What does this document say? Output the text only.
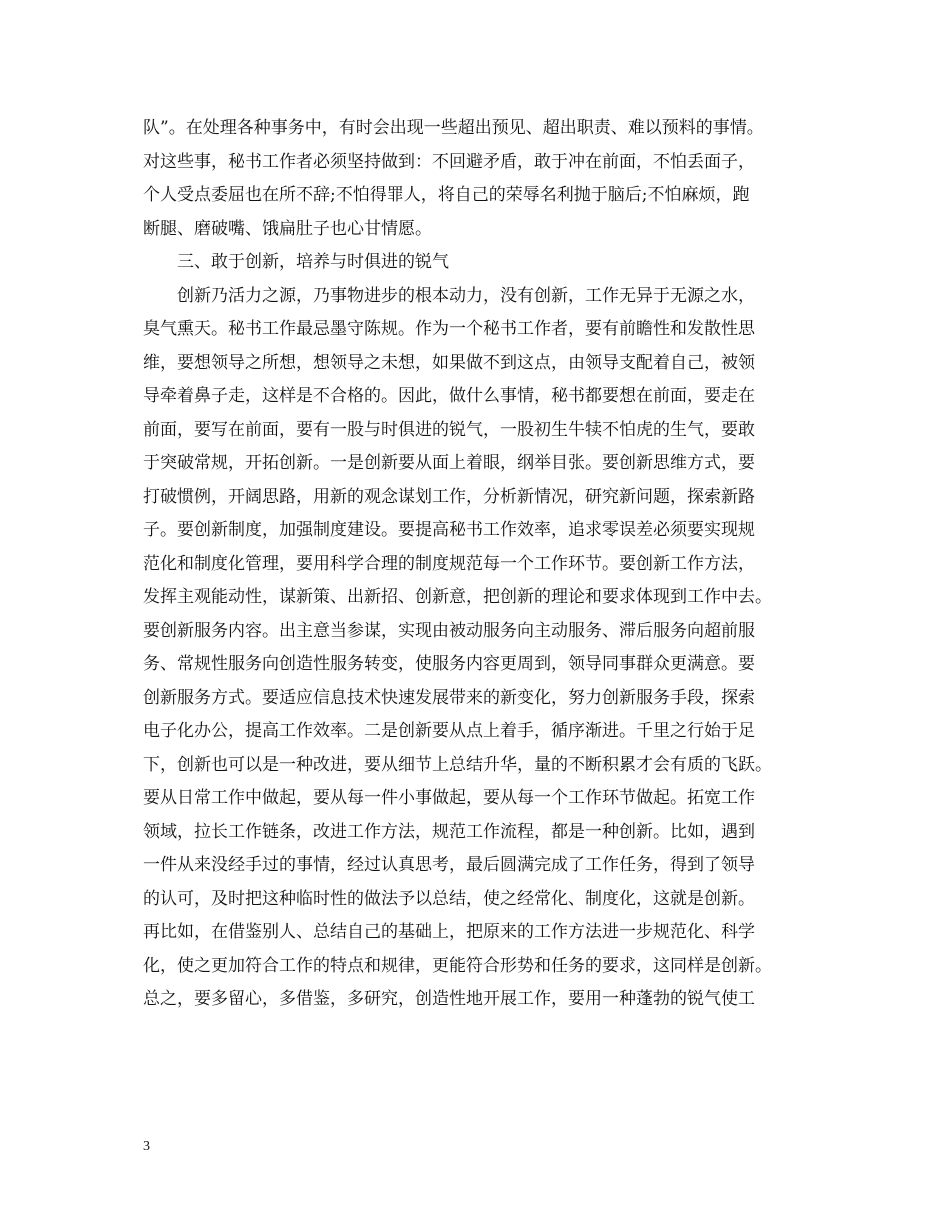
队”。在处理各种事务中，有时会出现一些超出预见、超出职责、难以预料的事情。
对这些事，秘书工作者必须坚持做到：不回避矛盾，敢于冲在前面，不怕丢面子，
个人受点委屈也在所不辞;不怕得罪人，将自己的荣辱名利抛于脑后;不怕麻烦，跑
断腿、磨破嘴、饿扁肚子也心甘情愿。
　　三、敢于创新，培养与时俱进的锐气
　　创新乃活力之源，乃事物进步的根本动力，没有创新，工作无异于无源之水，
臭气熏天。秘书工作最忌墨守陈规。作为一个秘书工作者，要有前瞻性和发散性思
维，要想领导之所想，想领导之未想，如果做不到这点，由领导支配着自己，被领
导牵着鼻子走，这样是不合格的。因此，做什么事情，秘书都要想在前面，要走在
前面，要写在前面，要有一股与时俱进的锐气，一股初生牛犊不怕虎的生气，要敢
于突破常规，开拓创新。一是创新要从面上着眼，纲举目张。要创新思维方式，要
打破惯例，开阔思路，用新的观念谋划工作，分析新情况，研究新问题，探索新路
子。要创新制度，加强制度建设。要提高秘书工作效率，追求零误差必须要实现规
范化和制度化管理，要用科学合理的制度规范每一个工作环节。要创新工作方法，
发挥主观能动性，谋新策、出新招、创新意，把创新的理论和要求体现到工作中去。
要创新服务内容。出主意当参谋，实现由被动服务向主动服务、滞后服务向超前服
务、常规性服务向创造性服务转变，使服务内容更周到，领导同事群众更满意。要
创新服务方式。要适应信息技术快速发展带来的新变化，努力创新服务手段，探索
电子化办公，提高工作效率。二是创新要从点上着手，循序渐进。千里之行始于足
下，创新也可以是一种改进，要从细节上总结升华，量的不断积累才会有质的飞跃。
要从日常工作中做起，要从每一件小事做起，要从每一个工作环节做起。拓宽工作
领域，拉长工作链条，改进工作方法，规范工作流程，都是一种创新。比如，遇到
一件从来没经手过的事情，经过认真思考，最后圆满完成了工作任务，得到了领导
的认可，及时把这种临时性的做法予以总结，使之经常化、制度化，这就是创新。
再比如，在借鉴别人、总结自己的基础上，把原来的工作方法进一步规范化、科学
化，使之更加符合工作的特点和规律，更能符合形势和任务的要求，这同样是创新。
总之，要多留心，多借鉴，多研究，创造性地开展工作，要用一种蓬勃的锐气使工
3
